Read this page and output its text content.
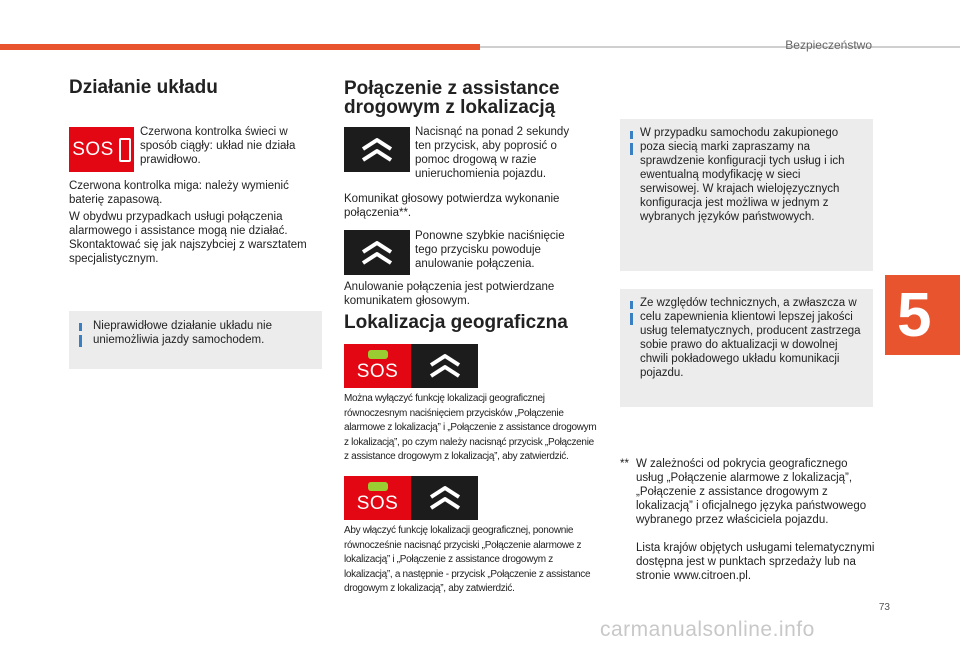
Bezpieczeństwo
5
Działanie układu
SOS

Czerwona kontrolka świeci w sposób ciągły: układ nie działa prawidłowo.

Czerwona kontrolka miga: należy wymienić baterię zapasową.

W obydwu przypadkach usługi połączenia alarmowego i assistance mogą nie działać. Skontaktować się jak najszybciej z warsztatem specjalistycznym.

Nieprawidłowe działanie układu nie uniemożliwia jazdy samochodem.

Połączenie z assistance
drogowym z lokalizacją

Nacisnąć na ponad 2 sekundy ten przycisk, aby poprosić o pomoc drogową w razie unieruchomienia pojazdu.

Komunikat głosowy potwierdza wykonanie połączenia**.

Ponowne szybkie naciśnięcie tego przycisku powoduje anulowanie połączenia.

Anulowanie połączenia jest potwierdzane komunikatem głosowym.

Lokalizacja geograficzna
SOS

Można wyłączyć funkcję lokalizacji geograficznej równoczesnym naciśnięciem przycisków „Połączenie alarmowe z lokalizacją” i „Połączenie z assistance drogowym z lokalizacją”, po czym należy nacisnąć przycisk „Połączenie z assistance drogowym z lokalizacją”, aby zatwierdzić.

SOS

Aby włączyć funkcję lokalizacji geograficznej, ponownie równocześnie nacisnąć przyciski „Połączenie alarmowe z lokalizacją” i „Połączenie z assistance drogowym z lokalizacją”, a następnie - przycisk „Połączenie z assistance drogowym z lokalizacją”, aby zatwierdzić.

W przypadku samochodu zakupionego poza siecią marki zapraszamy na sprawdzenie konfiguracji tych usług i ich ewentualną modyfikację w sieci serwisowej. W krajach wielojęzycznych konfiguracja jest możliwa w jednym z wybranych języków państwowych.

Ze względów technicznych, a zwłaszcza w celu zapewnienia klientowi lepszej jakości usług telematycznych, producent zastrzega sobie prawo do aktualizacji w dowolnej chwili pokładowego układu komunikacji pojazdu.

** W zależności od pokrycia geograficznego usług „Połączenie alarmowe z lokalizacją”, „Połączenie z assistance drogowym z lokalizacją” i oficjalnego języka państwowego wybranego przez właściciela pojazdu.

Lista krajów objętych usługami telematycznymi dostępna jest w punktach sprzedaży lub na stronie www.citroen.pl.

73
carmanualsonline.info
